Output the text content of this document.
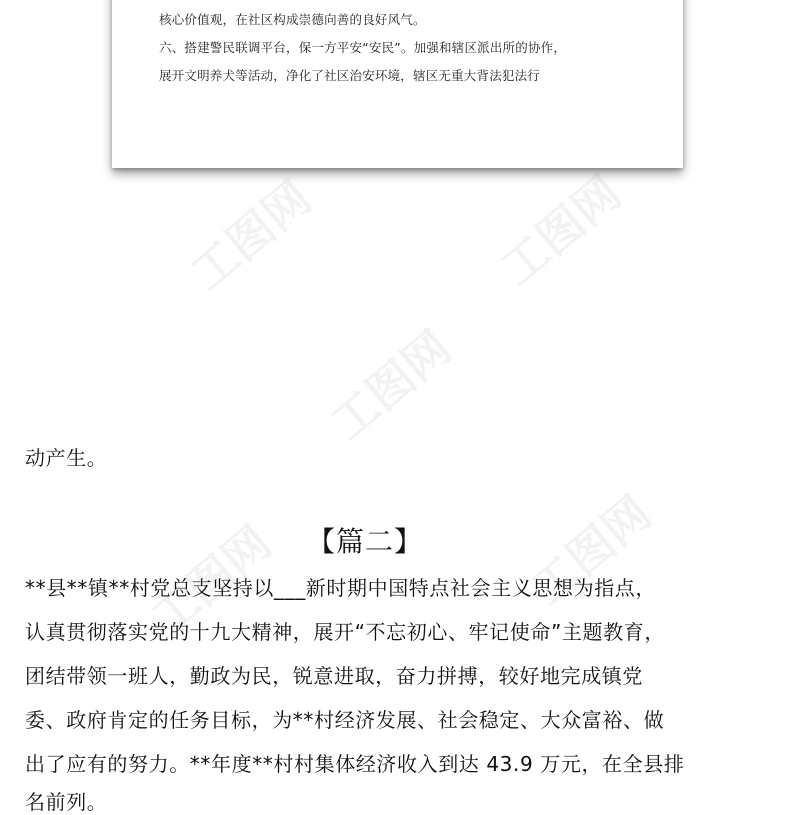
工图网	工图网
工图网
工图网	工图网
核心价值观，在社区构成崇德向善的良好风气。
六、搭建警民联调平台，保一方平安“安民”。加强和辖区派出所的协作，
展开文明养犬等活动，净化了社区治安环境，辖区无重大背法犯法行
动产生。
【篇二】
**县**镇**村党总支坚持以___新时期中国特点社会主义思想为指点，
认真贯彻落实党的十九大精神，展开“不忘初心、牢记使命”主题教育，
团结带领一班人，勤政为民，锐意进取，奋力拼搏，较好地完成镇党
委、政府肯定的任务目标，为**村经济发展、社会稳定、大众富裕、做
出了应有的努力。**年度**村村集体经济收入到达 43.9 万元，在全县排
名前列。
